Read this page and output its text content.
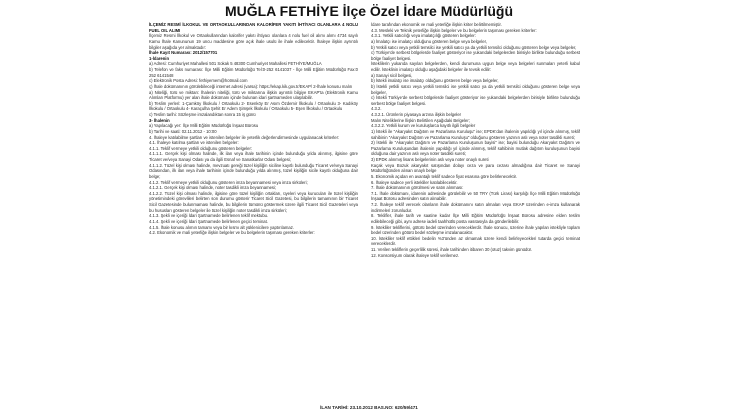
MUĞLA FETHİYE İlçe Özel İdare Müdürlüğü
İLÇEMİZ RESMİ İLKOKUL VE ORTAOKULLARINDAN KALORİFER YAKITI İHTİYACI OLANLARA 4 NOLU FUEL OIL ALIMI
İlçemiz Resmi İlkokul ve Ortaokullarından kalorifer yakıtı ihtiyacı olanlara 4 nolu fuel oil alımı alımı 4734 sayılı Kamu İhale Kanununun 19 uncu maddesine göre açık ihale usulü ile ihale edilecektir. İhaleye ilişkin ayrıntılı bilgiler aşağıda yer almaktadır:
İhale Kayıt Numarası: 2012/157701
1-İdarenin
a) Adresi: Cumhuriyet Mahallesi 501 Sokak 5 48300 Cumhuriyet Mahallesi FETHİYE/MUĞLA
b) Telefon ve faks numarası: İlçe Milli Eğitim Müdürlüğü Tel:0-252 6141037 - İlçe Milli Eğitim Müdürlüğü Fax:0 252 6141548
c) Elektronik Posta Adresi: fethiyemem@hotmail.com
ç) İhale dokümanının görülebileceği internet adresi (varsa): https://ekap.kik.gov.tr/EKAP/ 2-İhale konusu malın
a) Niteliği, türü ve miktarı: İhalenin niteliği, türü ve miktarına ilişkin ayrıntılı bilgiye EKAP'ta (Elektronik Kamu Alımları Platformu) yer alan ihale dokümanı içinde bulunan idari şartnameden ulaşılabilir.
b) Teslim yerleri: 1-Çamköy İlkokulu / Ortaokulu 2- Esenköy Er Asım Özdemir İlkokulu / Ortaokulu 3- Kadıköy İlkokulu / Ortaokulu 4- Karaçulha Şehit Er Adem Şimşek İlkokulu / Ortaokulu 5- Eşen İlkokulu / Ortaokulu
c) Teslim tarihi: Sözleşme imzalandıktan sonra 15 iş günü
3- İhalenin
a) Yapılacağı yer: İlçe Milli Eğitim Müdürlüğü İnşaat Bürosu
b) Tarihi ve saati: 02.11.2012 - 10:00
4. İhaleye katılabilme şartları ve istenilen belgeler ile yeterlik değerlendirmesinde uygulanacak kriterler:
4.1. İhaleye katılma şartları ve istenilen belgeler:
4.1.1. Teklif vermeye yetkili olduğunu gösteren belgeler:
4.1.1.1. Gerçek kişi olması halinde, ilk ilan veya ihale tarihinin içinde bulunduğu yılda alınmış, ilgisine göre Ticaret ve/veya Sanayi Odası ya da ilgili Esnaf ve Sanatkarlar Odası belgesi;
4.1.1.2. Tüzel kişi olması halinde, mevzuatı gereği tüzel kişiliğin siciline kayıtlı bulunduğu Ticaret ve/veya Sanayi Odasından, ilk ilan veya ihale tarihinin içinde bulunduğu yılda alınmış, tüzel kişiliğin sicile kayıtlı olduğuna dair belge;
4.1.2. Teklif vermeye yetkili olduğunu gösteren imza beyannamesi veya imza sirküleri;
4.1.2.1. Gerçek kişi olması halinde, noter tasdikli imza beyannamesi;
4.1.2.2. Tüzel kişi olması halinde, ilgisine göre tüzel kişiliğin ortakları, üyeleri veya kurucuları ile tüzel kişiliğin yönetimindeki görevlileri belirten son durumu gösterir Ticaret Sicil Gazetesi, bu bilgilerin tamamının bir Ticaret Sicil Gazetesinde bulunmaması halinde, bu bilgilerin tümünü göstermek üzere ilgili Ticaret Sicil Gazeteleri veya bu hususları gösteren belgeler ile tüzel kişiliğin noter tasdikli imza sirküleri;
4.1.3. Şekli ve içeriği İdari Şartnamede belirlenen teklif mektubu.
4.1.4. Şekli ve içeriği İdari Şartnamede belirlenen geçici teminat.
4.1.5. İhale konusu alımın tamamı veya bir kısmı alt yüklenicilere yaptırılamaz.
4.2. Ekonomik ve mali yeterliğe ilişkin belgeler ve bu belgelerin taşıması gereken kriterler:
İdare tarafından ekonomik ve mali yeterliğe ilişkin kriter belirtilmemiştir.
4.3. Mesleki ve Teknik yeterliğe ilişkin belgeler ve bu belgelerin taşıması gereken kriterler:
4.3.1. Yetkili satıcılığı veya imalatçılığı gösteren belgeler:
a) İmalatçı ise imalatçı olduğunu gösteren belge veya belgeler,
b) Yetkili satıcı veya yetkili temsilci ise yetkili satıcı ya da yetkili temsilci olduğunu gösteren belge veya belgeler,
c) Türkiye'de serbest bölgelerde faaliyet gösteriyor ise yukarıdaki belgelerden birisiyle birlikte bulunduğu serbest bölge faaliyet belgesi.
İsteklilerin yukarıda sayılan belgelerden, kendi durumuna uygun belge veya belgeleri sunmaları yeterli kabul edilir. İsteklinin imalatçı olduğu aşağıdaki belgeler ile tevsik edilir:
a) Sanayi sicil belgesi,
b) İstekli imalatçı ise imalatçı olduğunu gösteren belge veya belgeler,
b) İstekli yetkili satıcı veya yetkili temsilci ise yetkili satıcı ya da yetkili temsilci olduğunu gösteren belge veya belgeler,
c) İstekli Türkiye'de serbest bölgelerde faaliyet gösteriyor ise yukarıdaki belgelerden birisiyle birlikte bulunduğu serbest bölge faaliyet belgesi.
4.3.2.
4.3.2.1. Ürünlerin piyasaya arzına ilişkin belgeler
Malın Niteliklerine İlişkin Belirtilen Aşağıdaki Belgeler;
4.3.2.2. Yetkili kurum ve kuruluşlarca kayıtlı ilgili belgeler
1) İstekli ile "Akaryakıt Dağıtım ve Pazarlama Kuruluşu" ise; EPDK'dan ihalenin yapıldığı yıl içinde alınmış, teklif sahibinin "Akaryakıt Dağıtım ve Pazarlama Kuruluşu" olduğunu gösteren yazının aslı veya noter tasdikli sureti;
2) İstekli ile "Akaryakıt Dağıtım ve Pazarlama Kuruluşunun bayisi" ise; bayisi bulunduğu Akaryakıt Dağıtım ve Pazarlama Kuruluşundan ihalenin yapıldığı yıl içinde alınmış, teklif sahibinin mutlak dağıtım kuruluşunun bayisi olduğuna dair yazının aslı veya noter tasdikli sureti;
3) EPDK alınmış lisans belgelerinin aslı veya noter onaylı sureti
Kaçak veya Bozuk akaryakıt satışından dolayı ceza ve para cezası almadığına dair Ticaret ve Sanayi Müdürlüğünden alınan onaylı belge
5. Ekonomik açıdan en avantajlı teklif sadece fiyat esasına göre belirlenecektir.
6. İhaleye sadece yerli istekliler katılabilecektir.
7. İhale dokümanının görülmesi ve satın alınması:
7.1. İhale dokümanı, idarenin adresinde görülebilir ve 50 TRY (Türk Lirası) karşılığı İlçe Milli Eğitim Müdürlüğü İnşaat Bürosu adresinden satın alınabilir.
7.2. İhaleye teklif verecek olanların ihale dokümanını satın almaları veya EKAP üzerinden e-imza kullanarak indirmeleri zorunludur.
8. Teklifler, ihale tarih ve saatine kadar İlçe Milli Eğitim Müdürlüğü İnşaat Bürosu adresine elden teslim edilebileceği gibi, aynı adrese iadeli taahhütlü posta vasıtasıyla da gönderilebilir.
9. İstekliler tekliflerini, götürü bedel üzerinden vereceklerdir. İhale sonucu, üzerine ihale yapılan istekliyle toplam bedel üzerinden götürü bedel sözleşme imzalanacaktır.
10. İstekliler teklif ettikleri bedelin %3'ünden az olmamak üzere kendi belirleyecekleri tutarda geçici teminat vereceklerdir.
11. Verilen tekliflerin geçerlilik süresi, ihale tarihinden itibaren 30 (otuz) takvim günüdür.
12. Konsorsiyum olarak ihaleye teklif verilemez.
İLAN TARİHİ: 23.10.2012 BAS.NO: 620/59/471
